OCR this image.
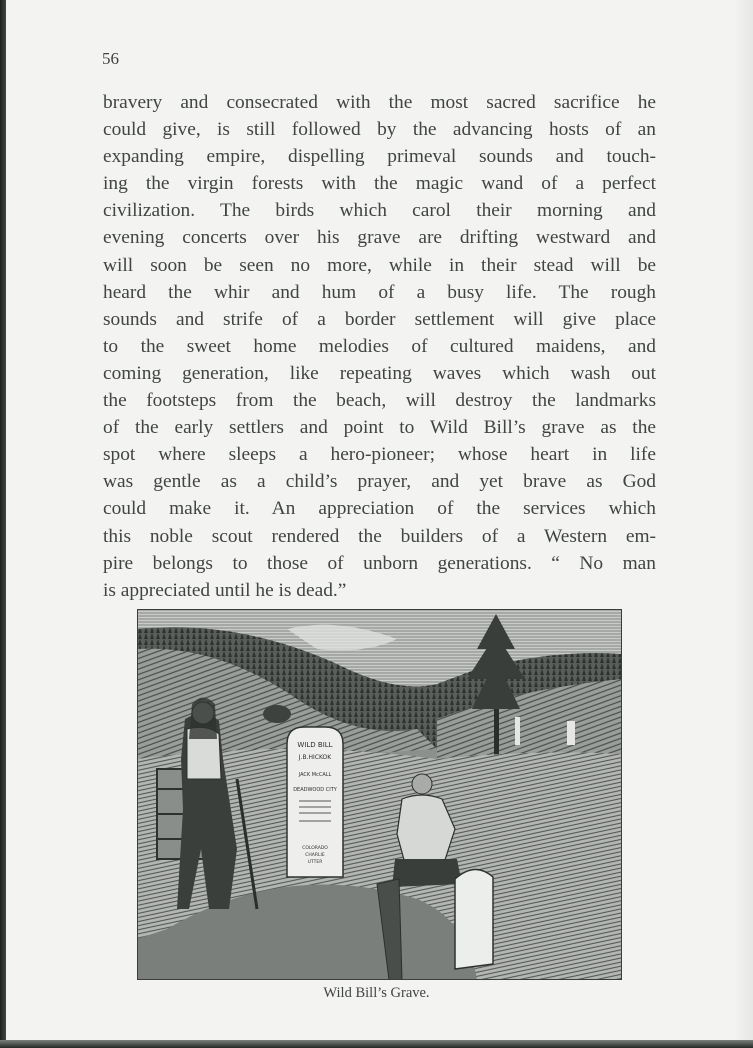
56
bravery and consecrated with the most sacred sacrifice he
could give, is still followed by the advancing hosts of an
expanding empire, dispelling primeval sounds and touch-
ing the virgin forests with the magic wand of a perfect
civilization. The birds which carol their morning and
evening concerts over his grave are drifting westward and
will soon be seen no more, while in their stead will be
heard the whir and hum of a busy life. The rough
sounds and strife of a border settlement will give place
to the sweet home melodies of cultured maidens, and
coming generation, like repeating waves which wash out
the footsteps from the beach, will destroy the landmarks
of the early settlers and point to Wild Bill’s grave as the
spot where sleeps a hero-pioneer; whose heart in life
was gentle as a child’s prayer, and yet brave as God
could make it. An appreciation of the services which
this noble scout rendered the builders of a Western em-
pire belongs to those of unborn generations. “ No man
is appreciated until he is dead.”
WILD BILL
J.B.HICKOK
JACK McCALL
DEADWOOD CITY
COLORADO
CHARLIE
UTTER
Wild Bill’s Grave.
